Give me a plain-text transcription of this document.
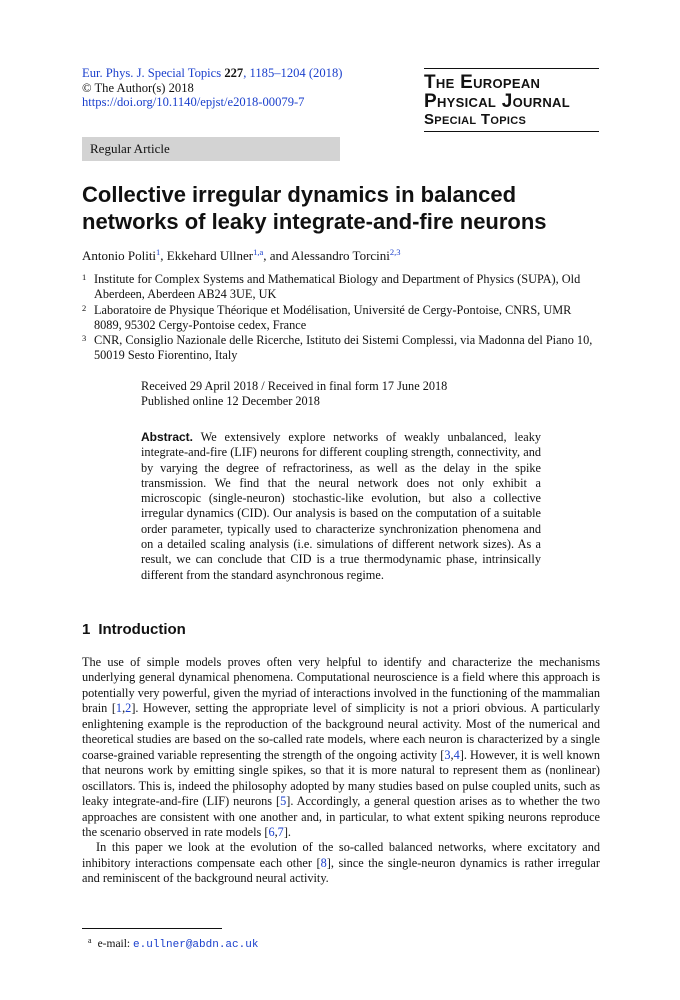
Eur. Phys. J. Special Topics 227, 1185–1204 (2018)
© The Author(s) 2018
https://doi.org/10.1140/epjst/e2018-00079-7
The European
Physical Journal
Special Topics
Regular Article
Collective irregular dynamics in balanced networks of leaky integrate-and-fire neurons
Antonio Politi$^1$, Ekkehard Ullner$^{1,a}$, and Alessandro Torcini$^{2,3}$
1 Institute for Complex Systems and Mathematical Biology and Department of Physics (SUPA), Old Aberdeen, Aberdeen AB24 3UE, UK
2 Laboratoire de Physique Théorique et Modélisation, Université de Cergy-Pontoise, CNRS, UMR 8089, 95302 Cergy-Pontoise cedex, France
3 CNR, Consiglio Nazionale delle Ricerche, Istituto dei Sistemi Complessi, via Madonna del Piano 10, 50019 Sesto Fiorentino, Italy
Received 29 April 2018 / Received in final form 17 June 2018
Published online 12 December 2018

Abstract. We extensively explore networks of weakly unbalanced, leaky integrate-and-fire (LIF) neurons for different coupling strength, connectivity, and by varying the degree of refractoriness, as well as the delay in the spike transmission. We find that the neural network does not only exhibit a microscopic (single-neuron) stochastic-like evolution, but also a collective irregular dynamics (CID). Our analysis is based on the computation of a suitable order parameter, typically used to characterize synchronization phenomena and on a detailed scaling analysis (i.e. simulations of different network sizes). As a result, we can conclude that CID is a true thermodynamic phase, intrinsically different from the standard asynchronous regime.

1 Introduction

The use of simple models proves often very helpful to identify and characterize the mechanisms underlying general dynamical phenomena. Computational neuroscience is a field where this approach is potentially very powerful, given the myriad of interactions involved in the functioning of the mammalian brain [1,2]. However, setting the appropriate level of simplicity is not a priori obvious. A particularly enlightening example is the reproduction of the background neural activity. Most of the numerical and theoretical studies are based on the so-called rate models, where each neuron is characterized by a single coarse-grained variable representing the strength of the ongoing activity [3,4]. However, it is well known that neurons work by emitting single spikes, so that it is more natural to represent them as (nonlinear) oscillators. This is, indeed the philosophy adopted by many studies based on pulse coupled units, such as leaky integrate-and-fire (LIF) neurons [5]. Accordingly, a general question arises as to whether the two approaches are consistent with one another and, in particular, to what extent spiking neurons reproduce the scenario observed in rate models [6,7].

In this paper we look at the evolution of the so-called balanced networks, where excitatory and inhibitory interactions compensate each other [8], since the single-neuron dynamics is rather irregular and reminiscent of the background neural activity.

$^a$ e-mail: e.ullner@abdn.ac.uk
